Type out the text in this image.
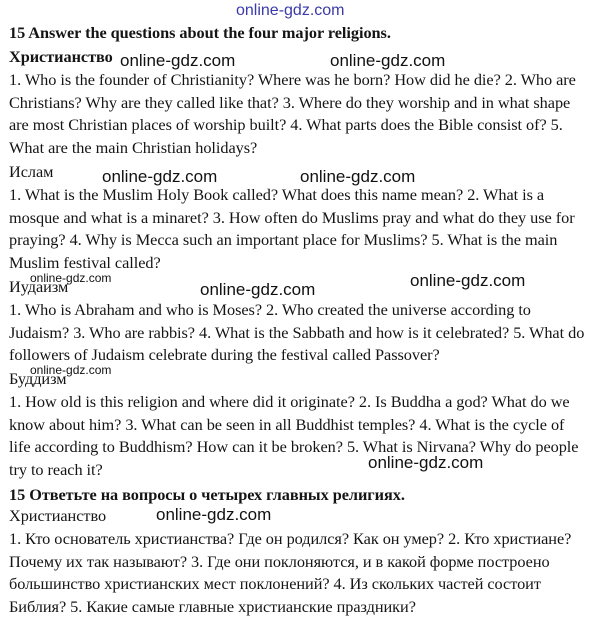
15 Answer the questions about the four major religions.
Христианство
1. Who is the founder of Christianity? Where was he born? How did he die? 2. Who are Christians? Why are they called like that? 3. Where do they worship and in what shape are most Christian places of worship built? 4. What parts does the Bible consist of? 5. What are the main Christian holidays?
Ислам
1. What is the Muslim Holy Book called? What does this name mean? 2. What is a mosque and what is a minaret? 3. How often do Muslims pray and what do they use for praying? 4. Why is Mecca such an important place for Muslims? 5. What is the main Muslim festival called?
Иудаизм
1. Who is Abraham and who is Moses? 2. Who created the universe according to Judaism? 3. Who are rabbis? 4. What is the Sabbath and how is it celebrated? 5. What do followers of Judaism celebrate during the festival called Passover?
Буддизм
1. How old is this religion and where did it originate? 2. Is Buddha a god? What do we know about him? 3. What can be seen in all Buddhist temples? 4. What is the cycle of life according to Buddhism? How can it be broken? 5. What is Nirvana? Why do people try to reach it?
15 Ответьте на вопросы о четырех главных религиях.
Христианство
1. Кто основатель христианства? Где он родился? Как он умер? 2. Кто христиане? Почему их так называют? 3. Где они поклоняются, и в какой форме построено большинство христианских мест поклонений? 4. Из скольких частей состоит Библия? 5. Какие самые главные христианские праздники?
online-gdz.com
online-gdz.com	online-gdz.com
online-gdz.com	online-gdz.com
online-gdz.com	online-gdz.com
online-gdz.com
online-gdz.com
online-gdz.com
online-gdz.com
